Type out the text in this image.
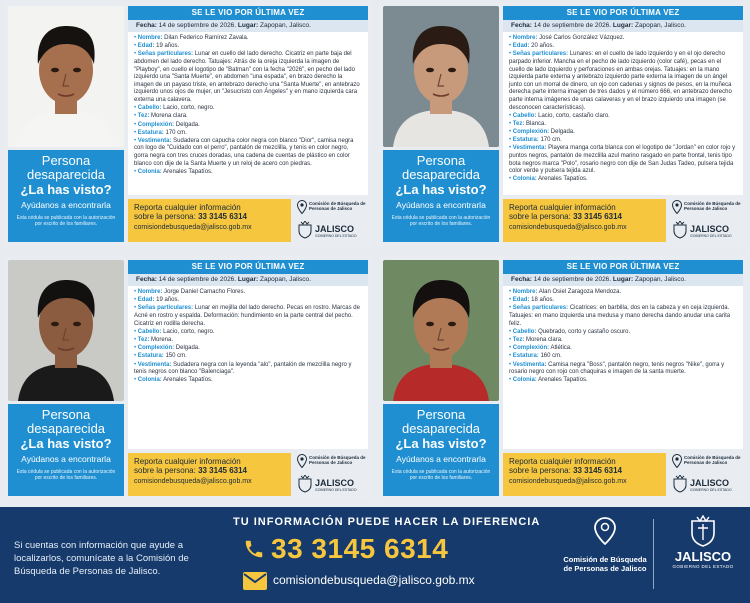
Persona
desaparecida
¿La has visto?
Ayúdanos a encontrarla
Esta cédula se publicada con la autorización por escrito de los familiares.
SE LE VIO POR ÚLTIMA VEZ
Fecha: 14 de septiembre de 2026. Lugar: Zapopan, Jalisco.
• Nombre: Dilan Federico Ramírez Zavala.
• Edad: 19 años.
• Señas particulares: Lunar en cuello del lado derecho. Cicatriz en parte baja del abdomen del lado derecho. Tatuajes: Atrás de la oreja izquierda la imagen de "Playboy", en cuello el logotipo de "Batman" con la fecha "2026", en pecho del lado izquierdo una "Santa Muerte", en abdomen "una espada", en brazo derecho la imagen de un payaso triste, en antebrazo derecho una "Santa Muerte", en antebrazo izquierdo unos ojos de mujer, un "Jesucristo con Ángeles" y en mano izquierda cara externa una calavera.
• Cabello: Lacio, corto, negro.
• Tez: Morena clara.
• Complexión: Delgada.
• Estatura: 170 cm.
• Vestimenta: Sudadera con capucha color negra con blanco "Dior", camisa negra con logo de "Cuidado con el perro", pantalón de mezclilla, y tenis en color negro, gorra negra con tres cruces doradas, una cadena de cuentas de plástico en color blanco con dije de la Santa Muerte y un reloj de acero con piedras.
• Colonia: Arenales Tapatíos.
Reporta cualquier información
sobre la persona: 33 3145 6314
comisiondebusqueda@jalisco.gob.mx
Comisión de Búsqueda de Personas de Jalisco
JALISCO
GOBIERNO DEL ESTADO
Persona
desaparecida
¿La has visto?
Ayúdanos a encontrarla
Esta cédula se publicada con la autorización por escrito de los familiares.
SE LE VIO POR ÚLTIMA VEZ
Fecha: 14 de septiembre de 2026. Lugar: Zapopan, Jalisco.
• Nombre: José Carlos González Vázquez.
• Edad: 20 años.
• Señas particulares: Lunares: en el cuello de lado izquierdo y en el ojo derecho parpado inferior. Mancha en el pecho de lado izquierdo (color café), pecas en el cuello de lado izquierdo y perforaciones en ambas orejas. Tatuajes: en la mano izquierda parte externa y antebrazo izquierdo parte externa la imagen de un ángel junto con un morral de dinero, un ojo con cadenas y signos de pesos, en la muñeca derecha parte interna imagen de tres dados y el número 666, en antebrazo derecho parte interna imágenes de unas calaveras y en el brazo izquierdo una imagen (se desconocen características).
• Cabello: Lacio, corto, castaño claro.
• Tez: Blanca.
• Complexión: Delgada.
• Estatura: 170 cm.
• Vestimenta: Playera manga corta blanca con el logotipo de "Jordan" en color rojo y puntos negros, pantalón de mezclilla azul marino rasgado en parte frontal, tenis tipo bota negros marca "Polo", rosario negro con dije de San Judas Tadeo, pulsera tejida color verde y pulsera tejida azul.
• Colonia: Arenales Tapatíos.
Reporta cualquier información
sobre la persona: 33 3145 6314
comisiondebusqueda@jalisco.gob.mx
Comisión de Búsqueda de Personas de Jalisco
JALISCO
GOBIERNO DEL ESTADO
Persona
desaparecida
¿La has visto?
Ayúdanos a encontrarla
Esta cédula se publicada con la autorización por escrito de los familiares.
SE LE VIO POR ÚLTIMA VEZ
Fecha: 14 de septiembre de 2026. Lugar: Zapopan, Jalisco.
• Nombre: Jorge Daniel Camacho Flores.
• Edad: 19 años.
• Señas particulares: Lunar en mejilla del lado derecho. Pecas en rostro. Marcas de Acné en rostro y espalda. Deformación: hundimiento en la parte central del pecho. Cicatriz en rodilla derecha.
• Cabello: Lacio, corto, negro.
• Tez: Morena.
• Complexión: Delgada.
• Estatura: 150 cm.
• Vestimenta: Sudadera negra con la leyenda "alo", pantalón de mezclilla negro y tenis negros con blanco "Balenciaga".
• Colonia: Arenales Tapatíos.
Reporta cualquier información
sobre la persona: 33 3145 6314
comisiondebusqueda@jalisco.gob.mx
Comisión de Búsqueda de Personas de Jalisco
JALISCO
GOBIERNO DEL ESTADO
Persona
desaparecida
¿La has visto?
Ayúdanos a encontrarla
Esta cédula se publicada con la autorización por escrito de los familiares.
SE LE VIO POR ÚLTIMA VEZ
Fecha: 14 de septiembre de 2026. Lugar: Zapopan, Jalisco.
• Nombre: Alan Osiel Zaragoza Mendoza.
• Edad: 18 años.
• Señas particulares: Cicatrices: en barbilla, dos en la cabeza y en ceja izquierda. Tatuajes: en mano izquierda una medusa y mano derecha dando anudar una carita feliz.
• Cabello: Quebrado, corto y castaño oscuro.
• Tez: Morena clara.
• Complexión: Atlética.
• Estatura: 160 cm.
• Vestimenta: Camisa negra "Boss", pantalón negro, tenis negros "Nike", gorra y rosario negro con rojo con chaquiras e imagen de la santa muerte.
• Colonia: Arenales Tapatíos.
Reporta cualquier información
sobre la persona: 33 3145 6314
comisiondebusqueda@jalisco.gob.mx
Comisión de Búsqueda de Personas de Jalisco
JALISCO
GOBIERNO DEL ESTADO
Si cuentas con información que ayude a localizarlos, comunícate a la Comisión de Búsqueda de Personas de Jalisco.
TU INFORMACIÓN PUEDE HACER LA DIFERENCIA
33 3145 6314
comisiondebusqueda@jalisco.gob.mx
Comisión de Búsqueda de Personas de Jalisco
JALISCO
GOBIERNO DEL ESTADO
